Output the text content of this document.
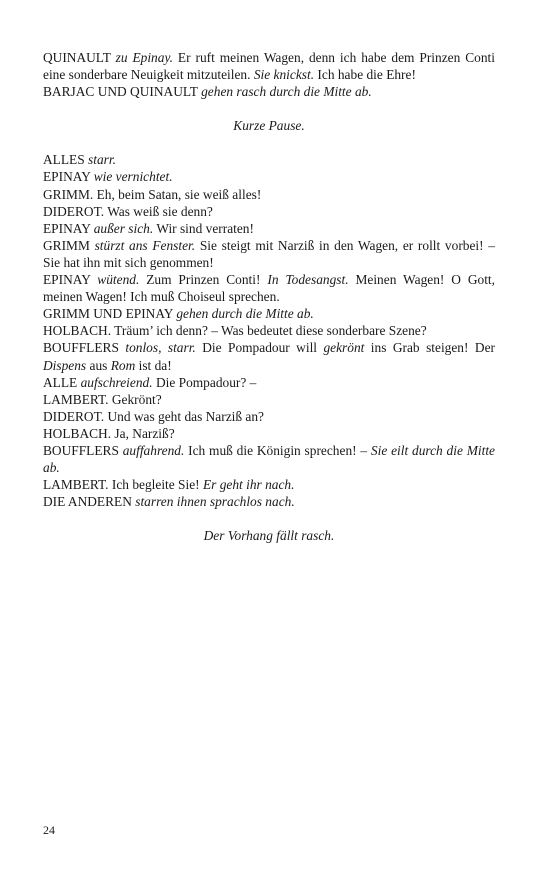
QUINAULT zu Epinay. Er ruft meinen Wagen, denn ich habe dem Prinzen Conti eine sonderbare Neuigkeit mitzuteilen. Sie knickst. Ich habe die Ehre!

BARJAC UND QUINAULT gehen rasch durch die Mitte ab.

Kurze Pause.

ALLES starr.

EPINAY wie vernichtet.

GRIMM. Eh, beim Satan, sie weiß alles!

DIDEROT. Was weiß sie denn?

EPINAY außer sich. Wir sind verraten!

GRIMM stürzt ans Fenster. Sie steigt mit Narziß in den Wagen, er rollt vorbei! – Sie hat ihn mit sich genommen!

EPINAY wütend. Zum Prinzen Conti! In Todesangst. Meinen Wagen! O Gott, meinen Wagen! Ich muß Choiseul sprechen.

GRIMM UND EPINAY gehen durch die Mitte ab.

HOLBACH. Träum’ ich denn? – Was bedeutet diese sonderbare Szene?

BOUFFLERS tonlos, starr. Die Pompadour will gekrönt ins Grab steigen! Der Dispens aus Rom ist da!

ALLE aufschreiend. Die Pompadour? –

LAMBERT. Gekrönt?

DIDEROT. Und was geht das Narziß an?

HOLBACH. Ja, Narziß?

BOUFFLERS auffahrend. Ich muß die Königin sprechen! – Sie eilt durch die Mitte ab.

LAMBERT. Ich begleite Sie! Er geht ihr nach.

DIE ANDEREN starren ihnen sprachlos nach.

Der Vorhang fällt rasch.

24
